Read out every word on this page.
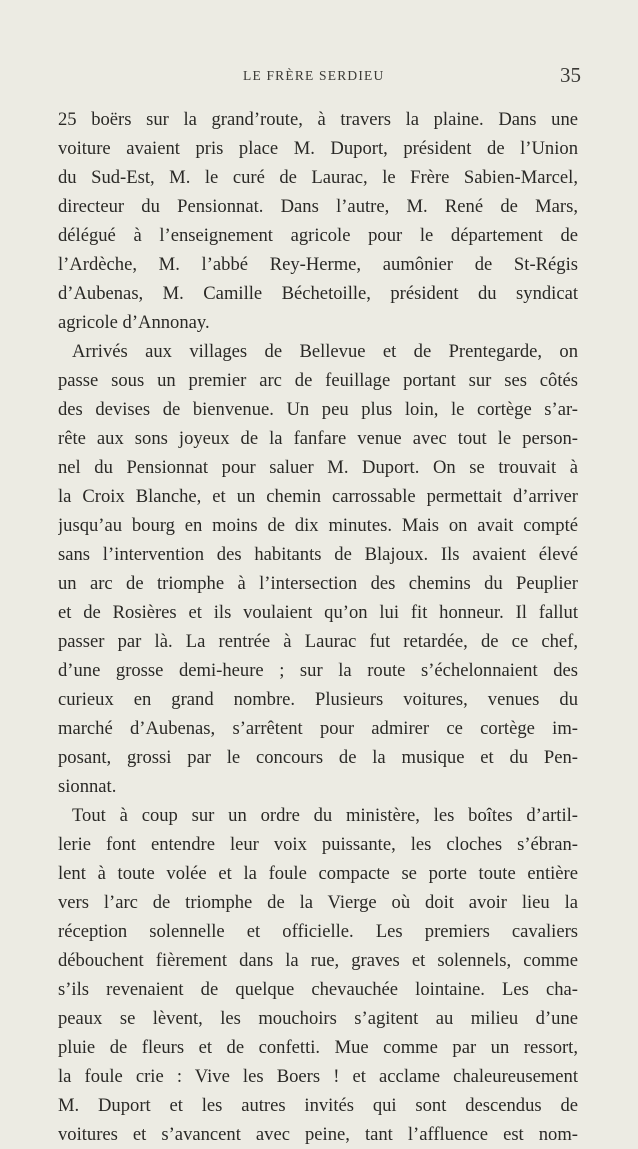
LE FRÈRE SERDIEU	35
25 boërs sur la grand’route, à travers la plaine. Dans une
voiture avaient pris place M. Duport, président de l’Union
du Sud-Est, M. le curé de Laurac, le Frère Sabien-Marcel,
directeur du Pensionnat. Dans l’autre, M. René de Mars,
délégué à l’enseignement agricole pour le département de
l’Ardèche, M. l’abbé Rey-Herme, aumônier de St-Régis
d’Aubenas, M. Camille Béchetoille, président du syndicat
agricole d’Annonay.
Arrivés aux villages de Bellevue et de Prentegarde, on
passe sous un premier arc de feuillage portant sur ses côtés
des devises de bienvenue. Un peu plus loin, le cortège s’ar-
rête aux sons joyeux de la fanfare venue avec tout le person-
nel du Pensionnat pour saluer M. Duport. On se trouvait à
la Croix Blanche, et un chemin carrossable permettait d’arriver
jusqu’au bourg en moins de dix minutes. Mais on avait compté
sans l’intervention des habitants de Blajoux. Ils avaient élevé
un arc de triomphe à l’intersection des chemins du Peuplier
et de Rosières et ils voulaient qu’on lui fit honneur. Il fallut
passer par là. La rentrée à Laurac fut retardée, de ce chef,
d’une grosse demi-heure ; sur la route s’échelonnaient des
curieux en grand nombre. Plusieurs voitures, venues du
marché d’Aubenas, s’arrêtent pour admirer ce cortège im-
posant, grossi par le concours de la musique et du Pen-
sionnat.
Tout à coup sur un ordre du ministère, les boîtes d’artil-
lerie font entendre leur voix puissante, les cloches s’ébran-
lent à toute volée et la foule compacte se porte toute entière
vers l’arc de triomphe de la Vierge où doit avoir lieu la
réception solennelle et officielle. Les premiers cavaliers
débouchent fièrement dans la rue, graves et solennels, comme
s’ils revenaient de quelque chevauchée lointaine. Les cha-
peaux se lèvent, les mouchoirs s’agitent au milieu d’une
pluie de fleurs et de confetti. Mue comme par un ressort,
la foule crie : Vive les Boers ! et acclame chaleureusement
M. Duport et les autres invités qui sont descendus de
voitures et s’avancent avec peine, tant l’affluence est nom-
